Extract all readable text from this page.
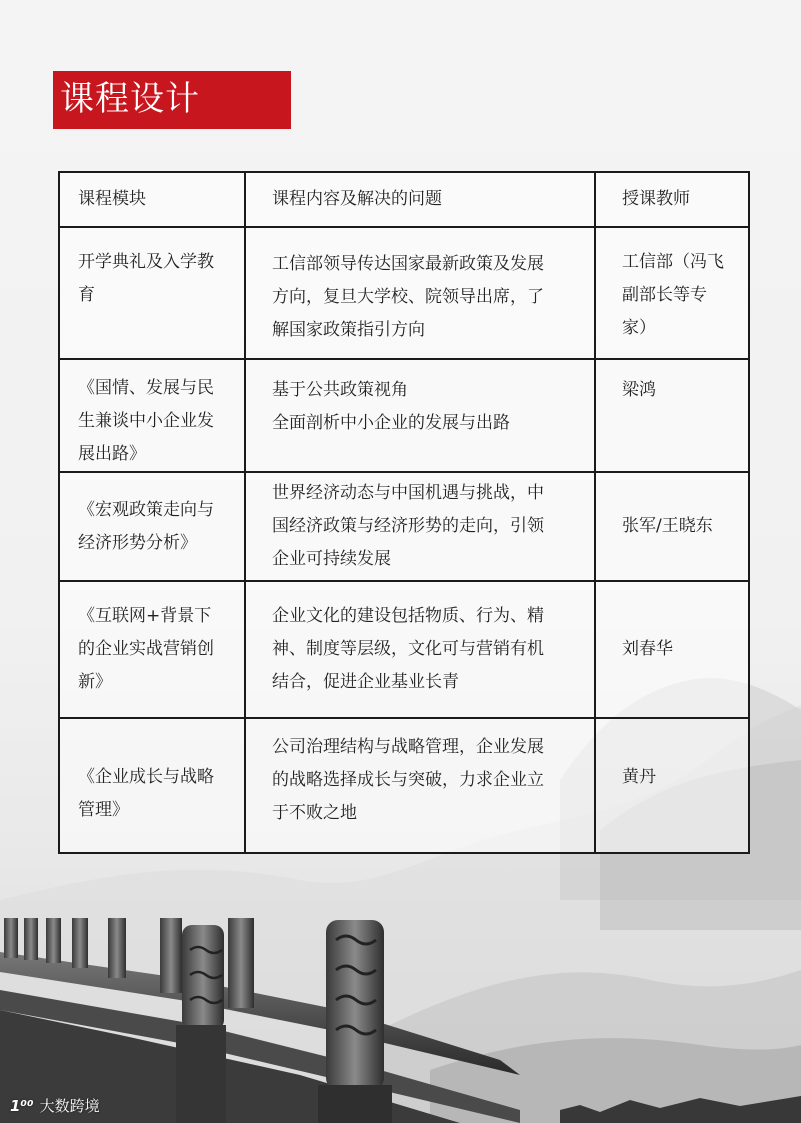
课程设计
课程模块	课程内容及解决的问题	授课教师

开学典礼及入学教
育	工信部领导传达国家最新政策及发展
方向，复旦大学校、院领导出席，了
解国家政策指引方向	工信部（冯飞
副部长等专
家）

《国情、发展与民
生兼谈中小企业发
展出路》	基于公共政策视角
全面剖析中小企业的发展与出路	梁鸿

《宏观政策走向与
经济形势分析》	世界经济动态与中国机遇与挑战，中
国经济政策与经济形势的走向，引领
企业可持续发展	张军/王晓东

《互联网+背景下
的企业实战营销创
新》	企业文化的建设包括物质、行为、精
神、制度等层级，文化可与营销有机
结合，促进企业基业长青	刘春华

《企业成长与战略
管理》	公司治理结构与战略管理，企业发展
的战略选择成长与突破，力求企业立
于不败之地	黄丹
1⁰⁰ 大数跨境
